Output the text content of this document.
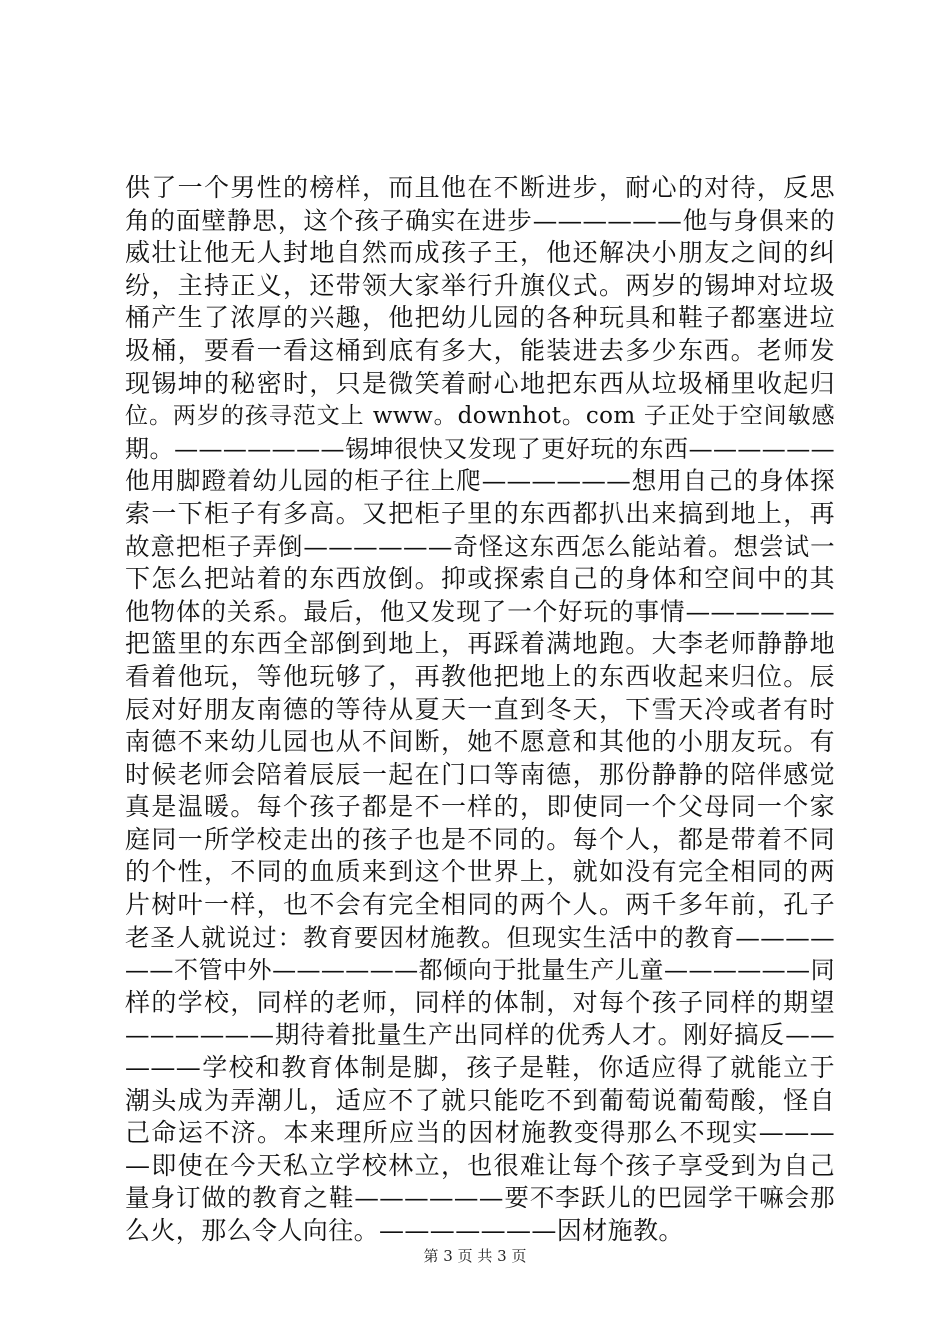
供了一个男性的榜样，而且他在不断进步，耐心的对待，反思
角的面壁静思，这个孩子确实在进步——————他与身俱来的
威壮让他无人封地自然而成孩子王，他还解决小朋友之间的纠
纷，主持正义，还带领大家举行升旗仪式。两岁的锡坤对垃圾
桶产生了浓厚的兴趣，他把幼儿园的各种玩具和鞋子都塞进垃
圾桶，要看一看这桶到底有多大，能装进去多少东西。老师发
现锡坤的秘密时，只是微笑着耐心地把东西从垃圾桶里收起归
位。两岁的孩寻范文上 www。downhot。com 子正处于空间敏感
期。———————锡坤很快又发现了更好玩的东西——————
他用脚蹬着幼儿园的柜子往上爬——————想用自己的身体探
索一下柜子有多高。又把柜子里的东西都扒出来搞到地上，再
故意把柜子弄倒——————奇怪这东西怎么能站着。想尝试一
下怎么把站着的东西放倒。抑或探索自己的身体和空间中的其
他物体的关系。最后，他又发现了一个好玩的事情——————
把篮里的东西全部倒到地上，再踩着满地跑。大李老师静静地
看着他玩，等他玩够了，再教他把地上的东西收起来归位。辰
辰对好朋友南德的等待从夏天一直到冬天，下雪天冷或者有时
南德不来幼儿园也从不间断，她不愿意和其他的小朋友玩。有
时候老师会陪着辰辰一起在门口等南德，那份静静的陪伴感觉
真是温暖。每个孩子都是不一样的，即使同一个父母同一个家
庭同一所学校走出的孩子也是不同的。每个人，都是带着不同
的个性，不同的血质来到这个世界上，就如没有完全相同的两
片树叶一样，也不会有完全相同的两个人。两千多年前，孔子
老圣人就说过：教育要因材施教。但现实生活中的教育————
——不管中外——————都倾向于批量生产儿童——————同
样的学校，同样的老师，同样的体制，对每个孩子同样的期望
——————期待着批量生产出同样的优秀人才。刚好搞反——
———学校和教育体制是脚，孩子是鞋，你适应得了就能立于
潮头成为弄潮儿，适应不了就只能吃不到葡萄说葡萄酸，怪自
己命运不济。本来理所应当的因材施教变得那么不现实———
—即使在今天私立学校林立，也很难让每个孩子享受到为自己
量身订做的教育之鞋——————要不李跃儿的巴园学干嘛会那
么火，那么令人向往。———————因材施教。
第 3 页 共 3 页
